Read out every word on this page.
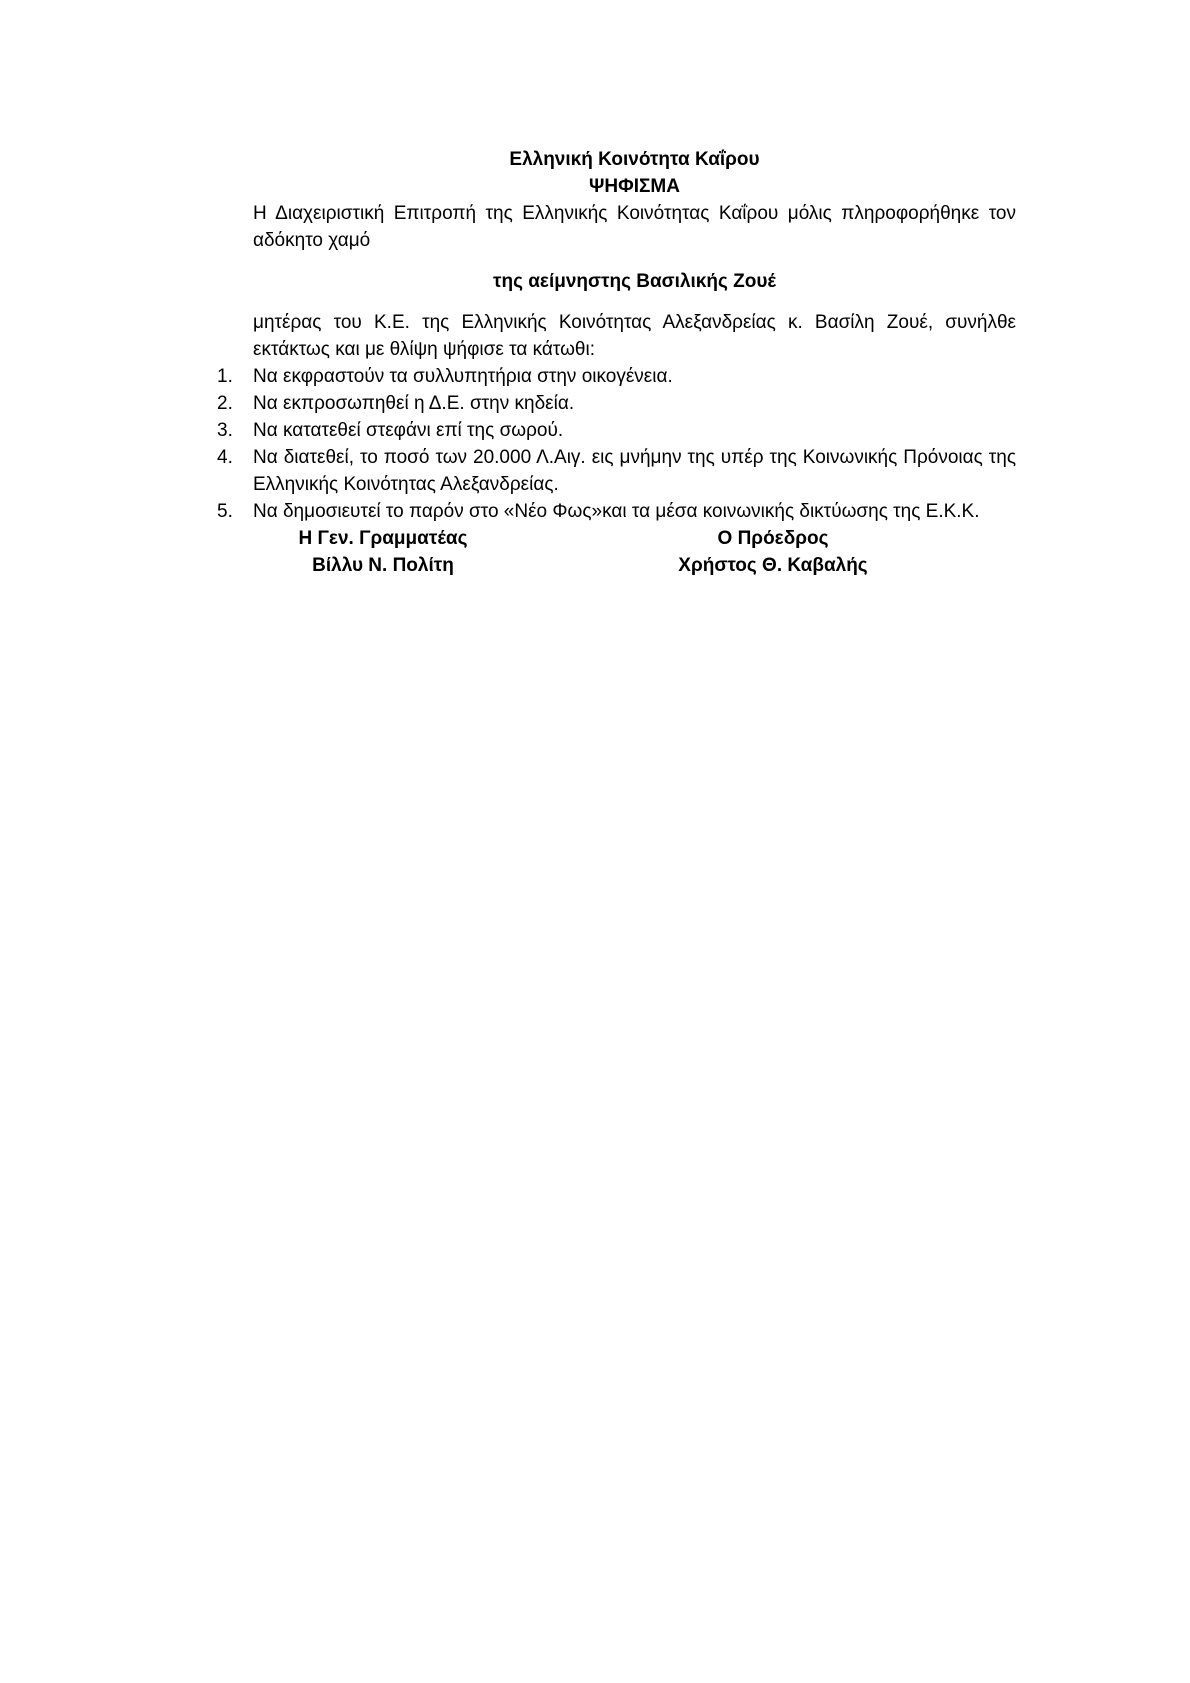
Ελληνική Κοινότητα Καΐρου

ΨΗΦΙΣΜΑ

Η Διαχειριστική Επιτροπή της Ελληνικής Κοινότητας Καΐρου μόλις πληροφορήθηκε τον αδόκητο χαμό

της αείμνηστης Βασιλικής Ζουέ

μητέρας του Κ.Ε. της Ελληνικής Κοινότητας Αλεξανδρείας κ. Βασίλη Ζουέ, συνήλθε εκτάκτως και με θλίψη ψήφισε τα κάτωθι:

1. Να εκφραστούν τα συλλυπητήρια στην οικογένεια.
2. Να εκπροσωπηθεί η Δ.Ε. στην κηδεία.
3. Να κατατεθεί στεφάνι επί της σωρού.
4. Να διατεθεί, το ποσό των 20.000 Λ.Αιγ. εις μνήμην της υπέρ της Κοινωνικής Πρόνοιας της Ελληνικής Κοινότητας Αλεξανδρείας.
5. Να δημοσιευτεί το παρόν στο «Νέο Φως»και τα μέσα κοινωνικής δικτύωσης της Ε.Κ.Κ.
Η Γεν. Γραμματέας
Βίλλυ Ν. Πολίτη
Ο Πρόεδρος
Χρήστος Θ. Καβαλής
